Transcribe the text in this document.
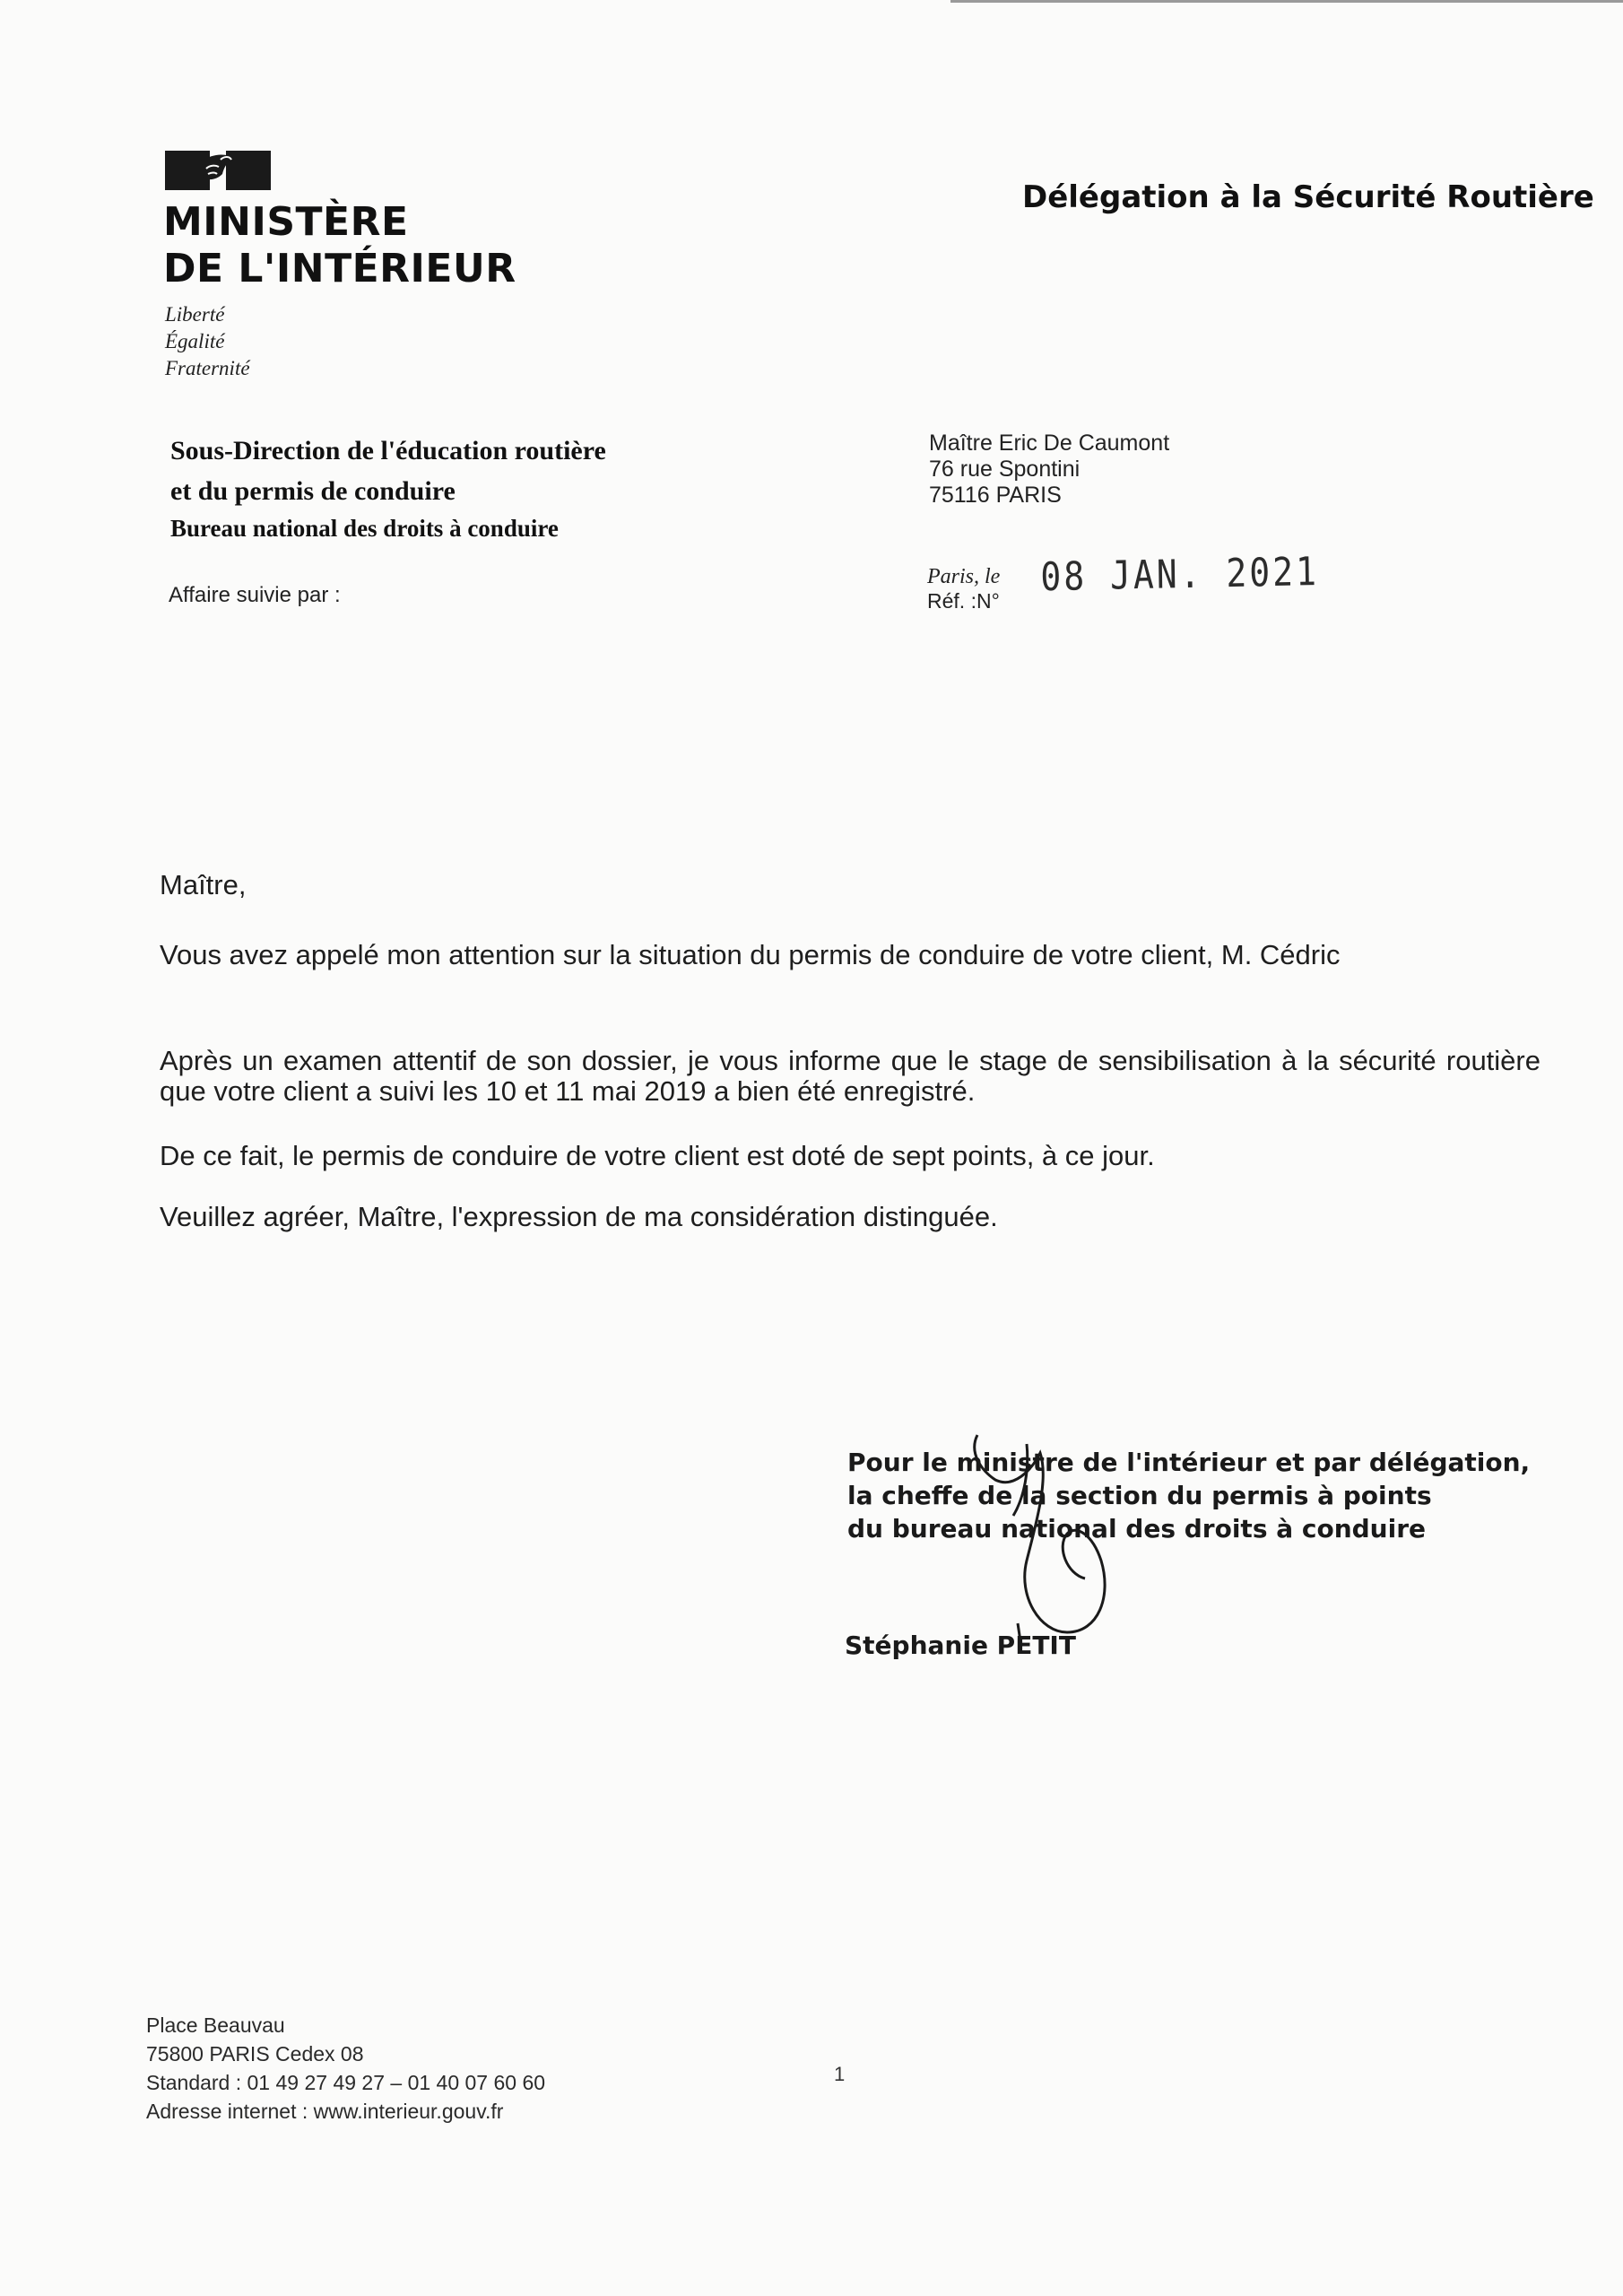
MINISTÈRE
DE L'INTÉRIEUR
Liberté
Égalité
Fraternité
Délégation à la Sécurité Routière
Sous-Direction de l'éducation routière
et du permis de conduire
Bureau national des droits à conduire
Affaire suivie par :
Maître Eric De Caumont
76 rue Spontini
75116 PARIS
Paris, le
Réf. :N°
08 JAN. 2021
Maître,
Vous avez appelé mon attention sur la situation du permis de conduire de votre client, M. Cédric
Après un examen attentif de son dossier, je vous informe que le stage de sensibilisation à la sécurité routière que votre client a suivi les 10 et 11 mai 2019 a bien été enregistré.
De ce fait, le permis de conduire de votre client est doté de sept points, à ce jour.
Veuillez agréer, Maître, l'expression de ma considération distinguée.
Pour le ministre de l'intérieur et par délégation,
la cheffe de la section du permis à points
du bureau national des droits à conduire
Stéphanie PETIT
Place Beauvau
75800 PARIS Cedex 08
Standard : 01 49 27 49 27 – 01 40 07 60 60
Adresse internet : www.interieur.gouv.fr
1
